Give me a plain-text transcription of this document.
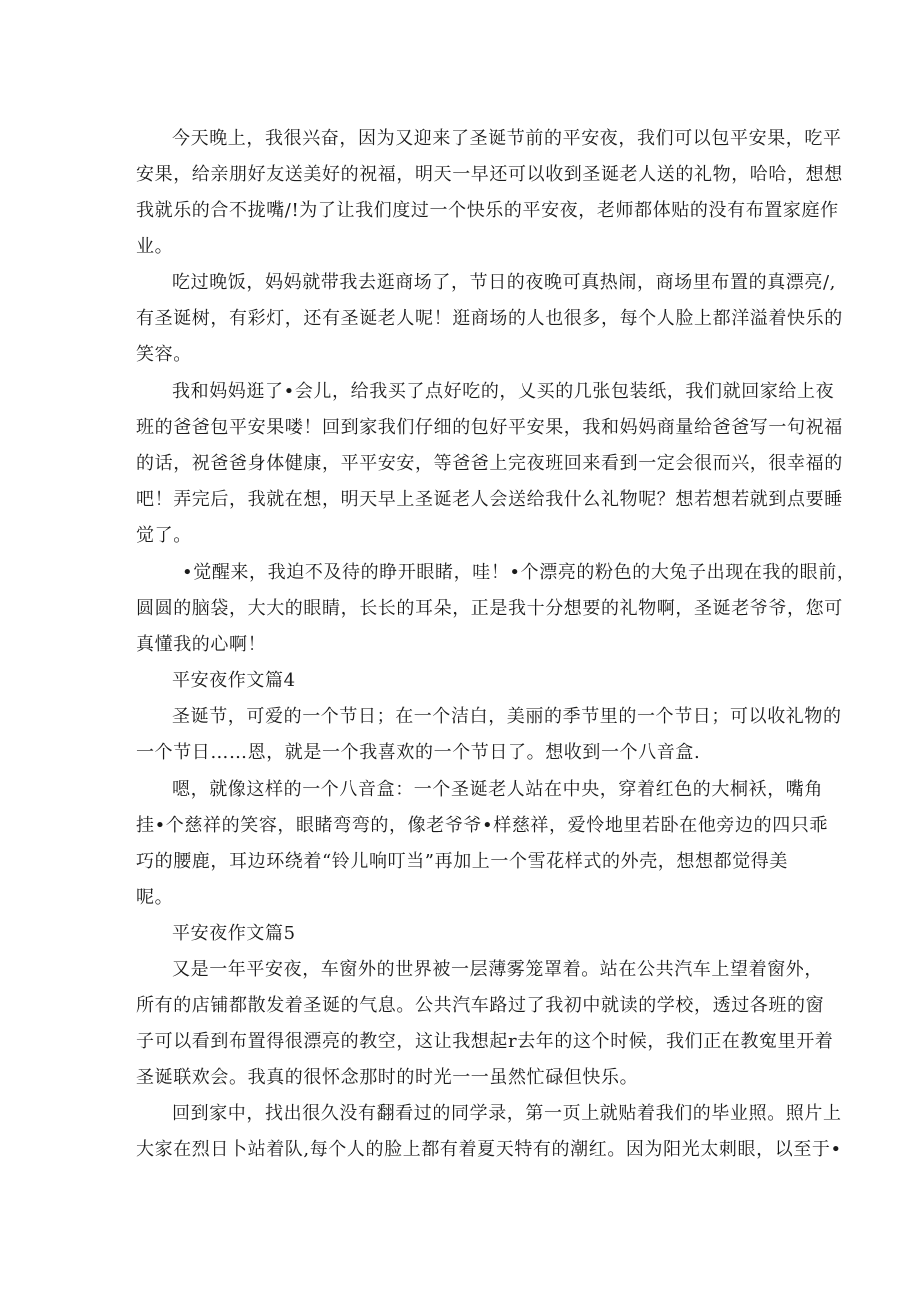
今天晚上，我很兴奋，因为又迎来了圣诞节前的平安夜，我们可以包平安果，吃平
安果，给亲朋好友送美好的祝福，明天一早还可以收到圣诞老人送的礼物，哈哈，想想
我就乐的合不拢嘴/!为了让我们度过一个快乐的平安夜，老师都体贴的没有布置家庭作
业。
吃过晚饭，妈妈就带我去逛商场了，节日的夜晚可真热闹，商场里布置的真漂亮/,
有圣诞树，有彩灯，还有圣诞老人呢！逛商场的人也很多，每个人脸上都洋溢着快乐的
笑容。
我和妈妈逛了•会儿，给我买了点好吃的，乂买的几张包装纸，我们就回家给上夜
班的爸爸包平安果喽！回到家我们仔细的包好平安果，我和妈妈商量给爸爸写一句祝福
的话，祝爸爸身体健康，平平安安，等爸爸上完夜班回来看到一定会很而兴，很幸福的
吧！弄完后，我就在想，明天早上圣诞老人会送给我什么礼物呢？想若想若就到点要睡
觉了。
•觉醒来，我迫不及待的睁开眼睹，哇！•个漂亮的粉色的大兔子出现在我的眼前，
圆圆的脑袋，大大的眼睛，长长的耳朵，正是我十分想要的礼物啊，圣诞老爷爷，您可
真懂我的心啊！
平安夜作文篇4
圣诞节，可爱的一个节日；在一个洁白，美丽的季节里的一个节日；可以收礼物的
一个节日……恩，就是一个我喜欢的一个节日了。想收到一个八音盒.
嗯，就像这样的一个八音盒：一个圣诞老人站在中央，穿着红色的大桐袄，嘴角
挂•个慈祥的笑容，眼睹弯弯的，像老爷爷•样慈祥，爱怜地里若卧在他旁边的四只乖
巧的腰鹿，耳边环绕着“铃儿响叮当”再加上一个雪花样式的外壳，想想都觉得美
呢。
平安夜作文篇5
又是一年平安夜，车窗外的世界被一层薄雾笼罩着。站在公共汽车上望着窗外，
所有的店铺都散发着圣诞的气息。公共汽车路过了我初中就读的学校，透过各班的窗
子可以看到布置得很漂亮的教空，这让我想起r去年的这个时候，我们正在教寃里开着
圣诞联欢会。我真的很怀念那时的时光一一虽然忙碌但快乐。
回到家中，找出很久没有翻看过的同学录，第一页上就贴着我们的毕业照。照片上
大家在烈日卜站着队,每个人的脸上都有着夏天特有的潮红。因为阳光太刺眼，以至于•
